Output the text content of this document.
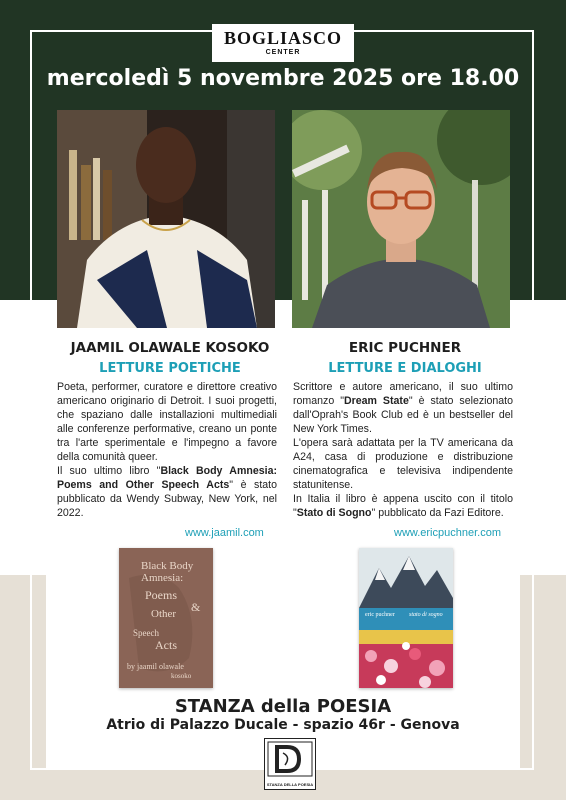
BOGLIASCO
CENTER
mercoledì 5 novembre 2025 ore 18.00
JAAMIL OLAWALE KOSOKO
LETTURE POETICHE

Poeta, performer, curatore e direttore creativo americano originario di Detroit. I suoi progetti, che spaziano dalle installazioni multimediali alle conferenze performative, creano un ponte tra l'arte sperimentale e l'impegno a favore della comunità queer.

Il suo ultimo libro "Black Body Amnesia: Poems and Other Speech Acts" è stato pubblicato da Wendy Subway, New York, nel 2022.

www.jaamil.com
ERIC PUCHNER
LETTURE E DIALOGHI

Scrittore e autore americano, il suo ultimo romanzo "Dream State" è stato selezionato dall'Oprah's Book Club ed è un bestseller del New York Times.

L'opera sarà adattata per la TV americana da A24, casa di produzione e distribuzione cinematografica e televisiva indipendente statunitense.

In Italia il libro è appena uscito con il titolo "Stato di Sogno" pubblicato da Fazi Editore.

www.ericpuchner.com
Black Body
Amnesia:
Poems
Other &
Speech
Acts
by jaamil olawale
kosoko
eric puchner stato di sogno
STANZA della POESIA
Atrio di Palazzo Ducale - spazio 46r - Genova
STANZA DELLA POESIA
